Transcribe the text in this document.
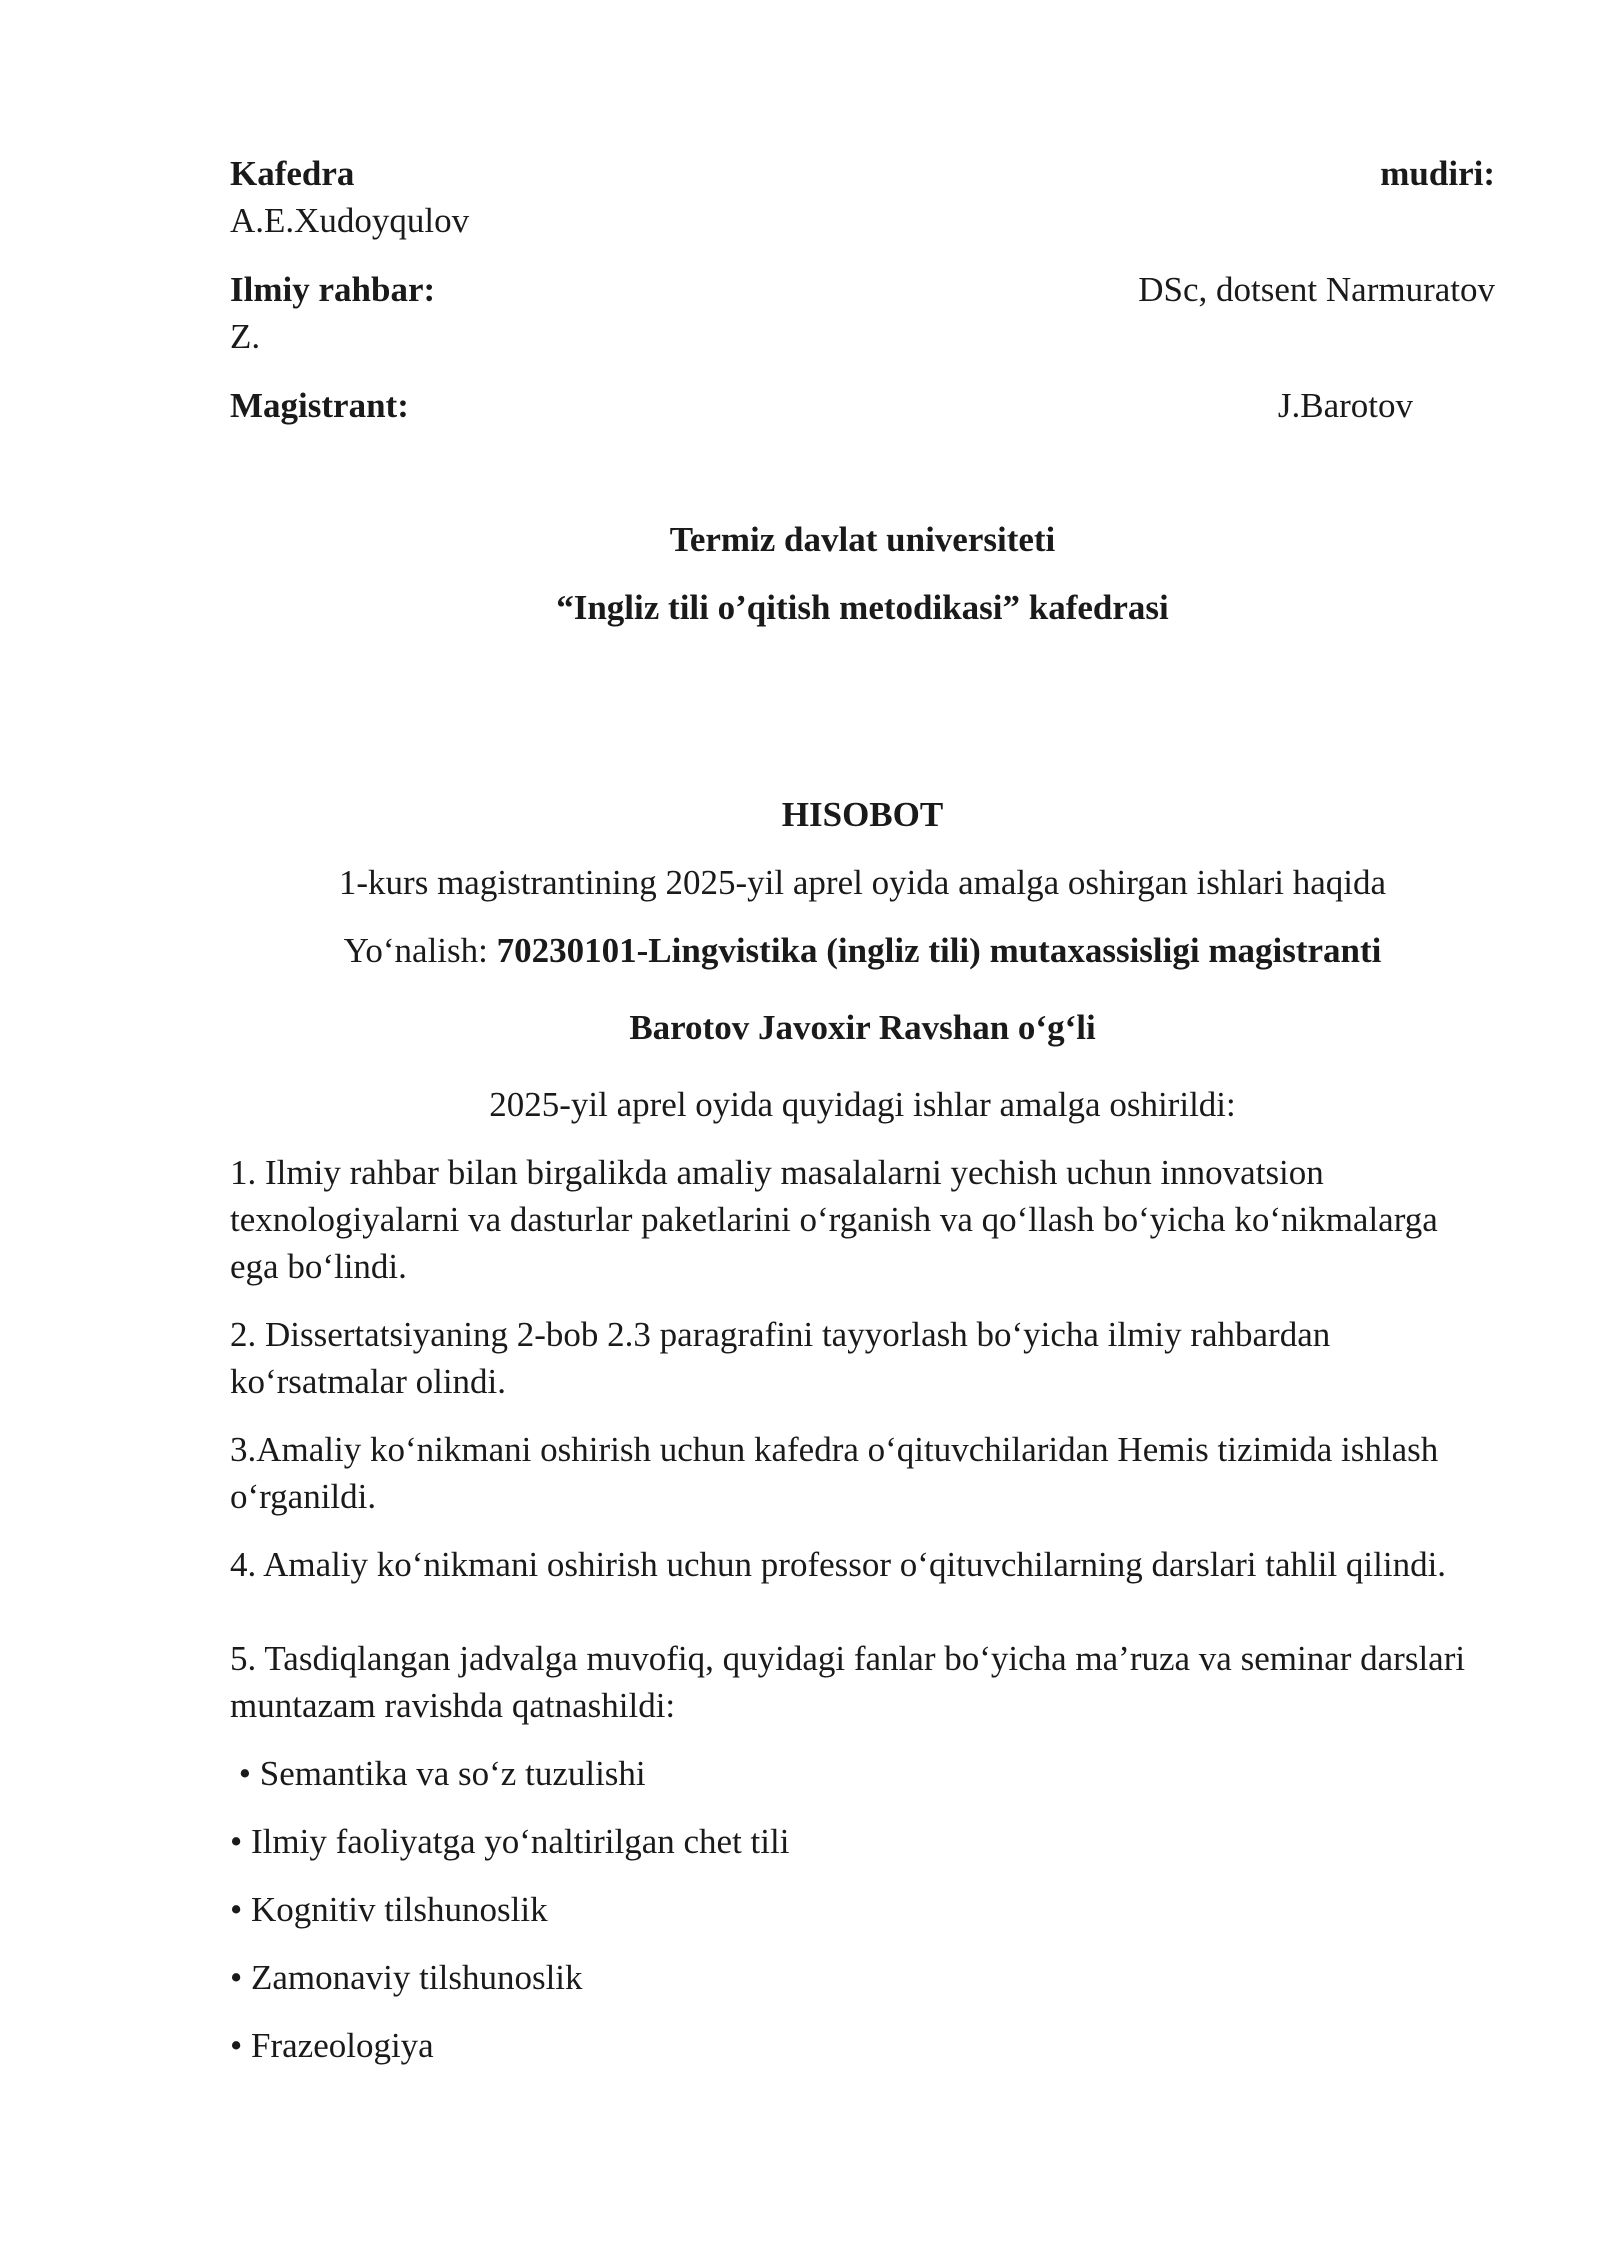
Kafedra	mudiri:
A.E.Xudoyqulov
Ilmiy rahbar:	DSc, dotsent Narmuratov
Z.
Magistrant:	J.Barotov

Termiz davlat universiteti

“Ingliz tili o’qitish metodikasi” kafedrasi

HISOBOT

1-kurs magistrantining 2025-yil aprel oyida amalga oshirgan ishlari haqida

Yo‘nalish: 70230101-Lingvistika (ingliz tili) mutaxassisligi magistranti

Barotov Javoxir Ravshan o‘g‘li

2025-yil aprel oyida quyidagi ishlar amalga oshirildi:

1. Ilmiy rahbar bilan birgalikda amaliy masalalarni yechish uchun innovatsion texnologiyalarni va dasturlar paketlarini o‘rganish va qo‘llash bo‘yicha ko‘nikmalarga ega bo‘lindi.

2. Dissertatsiyaning 2-bob 2.3 paragrafini tayyorlash bo‘yicha ilmiy rahbardan ko‘rsatmalar olindi.

3.Amaliy ko‘nikmani oshirish uchun kafedra o‘qituvchilaridan Hemis tizimida ishlash o‘rganildi.

4. Amaliy ko‘nikmani oshirish uchun professor o‘qituvchilarning darslari tahlil qilindi.

5. Tasdiqlangan jadvalga muvofiq, quyidagi fanlar bo‘yicha ma’ruza va seminar darslari muntazam ravishda qatnashildi:

• Semantika va so‘z tuzulishi

• Ilmiy faoliyatga yo‘naltirilgan chet tili

• Kognitiv tilshunoslik

• Zamonaviy tilshunoslik

• Frazeologiya
